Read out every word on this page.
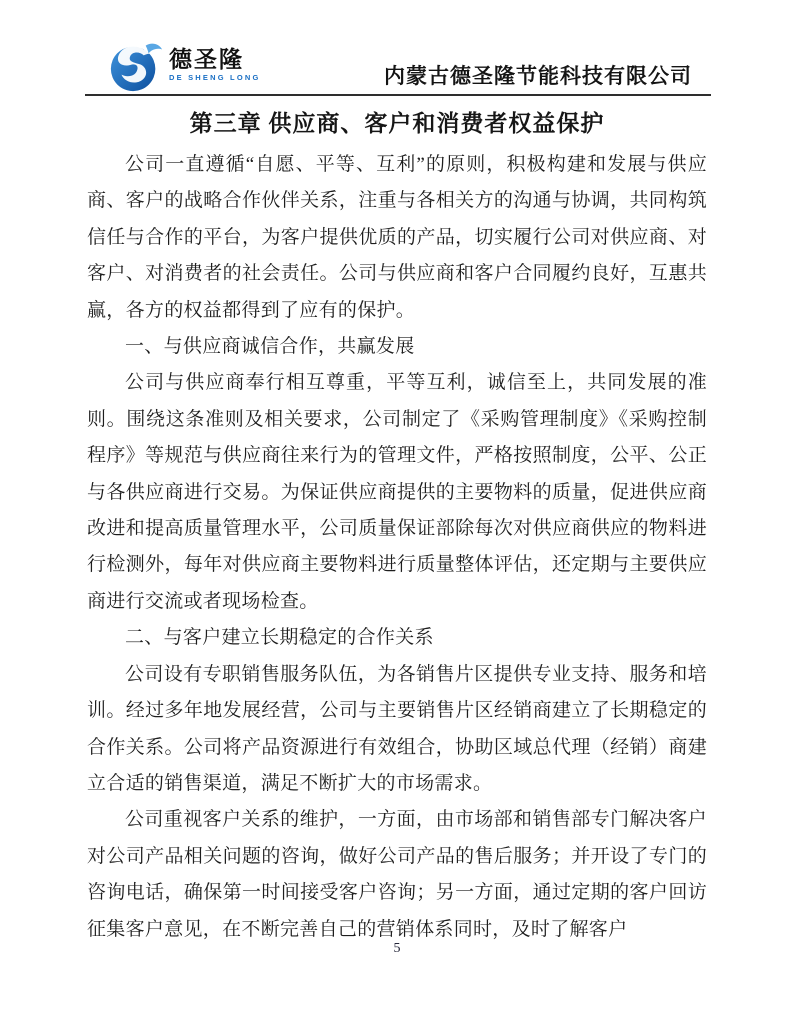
德圣隆
DE SHENG LONG	内蒙古德圣隆节能科技有限公司
第三章 供应商、客户和消费者权益保护

公司一直遵循“自愿、平等、互利”的原则，积极构建和发展与供应商、客户的战略合作伙伴关系，注重与各相关方的沟通与协调，共同构筑信任与合作的平台，为客户提供优质的产品，切实履行公司对供应商、对客户、对消费者的社会责任。公司与供应商和客户合同履约良好，互惠共赢，各方的权益都得到了应有的保护。

一、与供应商诚信合作，共赢发展

公司与供应商奉行相互尊重，平等互利，诚信至上，共同发展的准则。围绕这条准则及相关要求，公司制定了《采购管理制度》《采购控制程序》等规范与供应商往来行为的管理文件，严格按照制度，公平、公正与各供应商进行交易。为保证供应商提供的主要物料的质量，促进供应商改进和提高质量管理水平，公司质量保证部除每次对供应商供应的物料进行检测外，每年对供应商主要物料进行质量整体评估，还定期与主要供应商进行交流或者现场检查。

二、与客户建立长期稳定的合作关系

公司设有专职销售服务队伍，为各销售片区提供专业支持、服务和培训。经过多年地发展经营，公司与主要销售片区经销商建立了长期稳定的合作关系。公司将产品资源进行有效组合，协助区域总代理（经销）商建立合适的销售渠道，满足不断扩大的市场需求。

公司重视客户关系的维护，一方面，由市场部和销售部专门解决客户对公司产品相关问题的咨询，做好公司产品的售后服务；并开设了专门的咨询电话，确保第一时间接受客户咨询；另一方面，通过定期的客户回访征集客户意见，在不断完善自己的营销体系同时，及时了解客户

5
